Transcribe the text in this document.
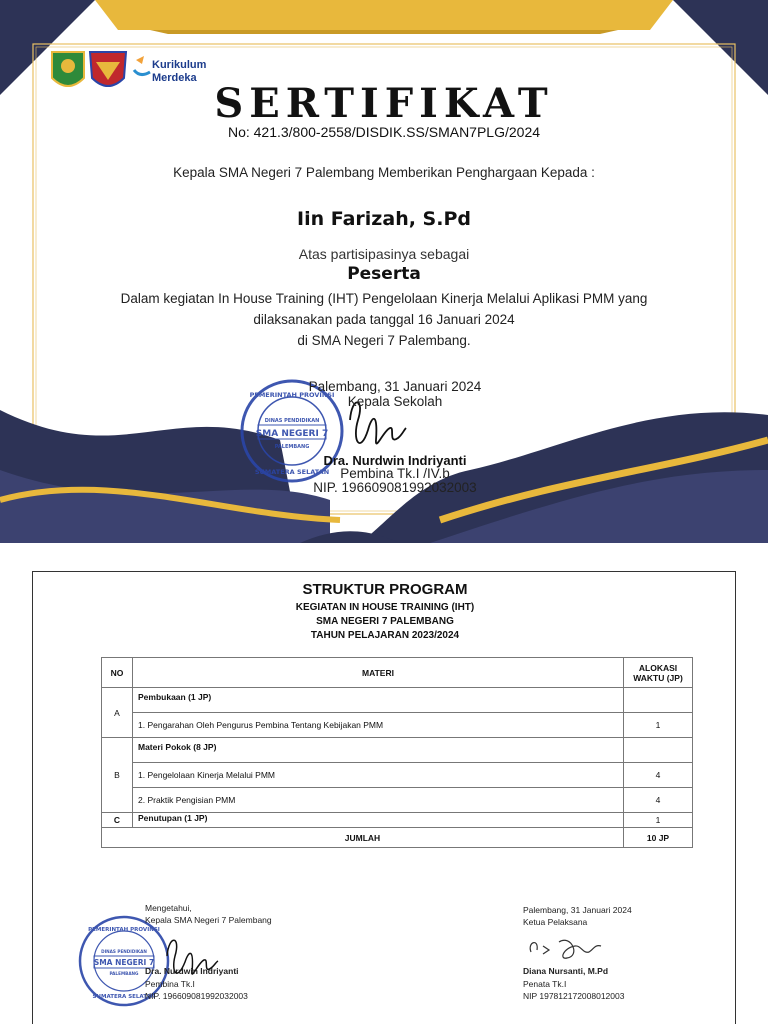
Kurikulum
Merdeka
PEMERINTAH PROVINSI
DINAS PENDIDIKAN
SMA NEGERI 7
PALEMBANG
SUMATERA SELATAN
SERTIFIKAT
No: 421.3/800-2558/DISDIK.SS/SMAN7PLG/2024
Kepala SMA Negeri 7 Palembang Memberikan Penghargaan Kepada :
Iin Farizah, S.Pd
Atas partisipasinya sebagai
Peserta
Dalam kegiatan In House Training (IHT) Pengelolaan Kinerja Melalui Aplikasi PMM yang
dilaksanakan pada tanggal 16 Januari 2024
di SMA Negeri 7 Palembang.
Palembang, 31 Januari 2024
Kepala Sekolah
Dra. Nurdwin Indriyanti
Pembina Tk.I /IV.b
NIP. 196609081992032003
STRUKTUR PROGRAM
KEGIATAN IN HOUSE TRAINING (IHT)
SMA NEGERI 7 PALEMBANG
TAHUN PELAJARAN 2023/2024
NO	MATERI	ALOKASI
WAKTU (JP)

A	Pembukaan (1 JP)	
	1. Pengarahan Oleh Pengurus Pembina Tentang Kebijakan PMM	1
B	Materi Pokok (8 JP)	
	1. Pengelolaan Kinerja Melalui PMM	4
	2. Praktik Pengisian PMM	4
C	Penutupan (1 JP)	1
JUMLAH		10 JP
PEMERINTAH PROVINSI
DINAS PENDIDIKAN
SMA NEGERI 7
PALEMBANG
SUMATERA SELATAN
Mengetahui,
Kepala SMA Negeri 7 Palembang
Dra. Nurdwin Indriyanti
Pembina Tk.I
NIP. 196609081992032003
Palembang, 31 Januari 2024
Ketua Pelaksana
Diana Nursanti, M.Pd
Penata Tk.I
NIP 197812172008012003
